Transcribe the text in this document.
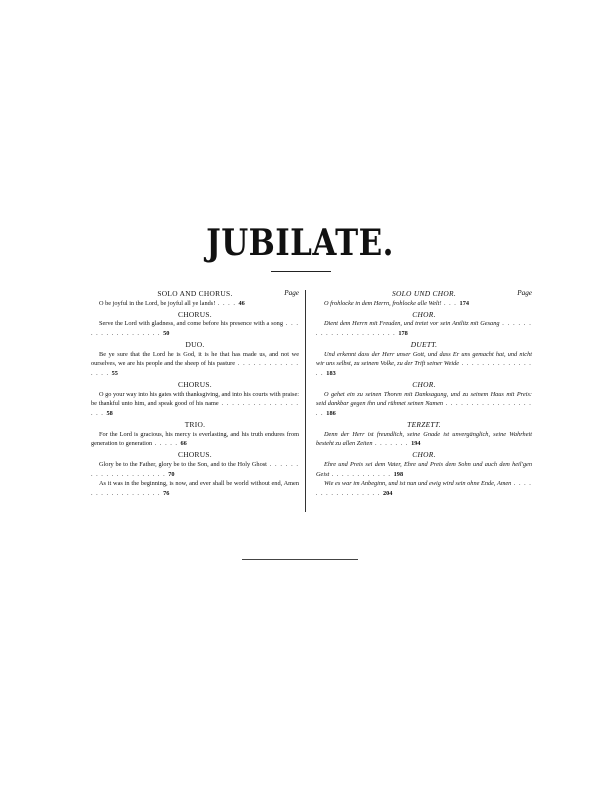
JUBILATE.
Page
SOLO AND CHORUS.

O be joyful in the Lord, be joyful all ye lands! . . . . 46

CHORUS.

Serve the Lord with gladness, and come before his presence with a song . . . . . . . . . . . . . . . . . 50

DUO.

Be ye sure that the Lord he is God, it is he that has made us, and not we ourselves, we are his people and the sheep of his pasture . . . . . . . . . . . . . . . . 55

CHORUS.

O go your way into his gates with thanksgiving, and into his courts with praise: be thankful unto him, and speak good of his name . . . . . . . . . . . . . . . . . . 58

TRIO.

For the Lord is gracious, his mercy is everlasting, and his truth endures from generation to generation . . . . . 66

CHORUS.

Glory be to the Father, glory be to the Son, and to the Holy Ghost . . . . . . . . . . . . . . . . . . . . . 70

As it was in the beginning, is now, and ever shall be world without end, Amen . . . . . . . . . . . . . . 76

Page
SOLO UND CHOR.

O frohlocke in dem Herrn, frohlocke alle Welt! . . . 174

CHOR.

Dient dem Herrn mit Freuden, und tretet vor sein Antlitz mit Gesang . . . . . . . . . . . . . . . . . . . . . . 178

DUETT.

Und erkennt dass der Herr unser Gott, und dass Er uns gemacht hat, und nicht wir uns selbst, zu seinem Volke, zu der Trift seiner Weide . . . . . . . . . . . . . . . . 183

CHOR.

O gehet ein zu seinen Thoren mit Danksagung, und zu seinem Haus mit Preis: seid dankbar gegen ihn und rühmet seinen Namen . . . . . . . . . . . . . . . . . . . 186

TERZETT.

Denn der Herr ist freundlich, seine Gnade ist unvergänglich, seine Wahrheit besteht zu allen Zeiten . . . . . . . 194

CHOR.

Ehre und Preis sei dem Vater, Ehre und Preis dem Sohn und auch dem heil'gen Geist . . . . . . . . . . . . 198

Wie es war im Anbeginn, und ist nun und ewig wird sein ohne Ende, Amen . . . . . . . . . . . . . . . . . 204
